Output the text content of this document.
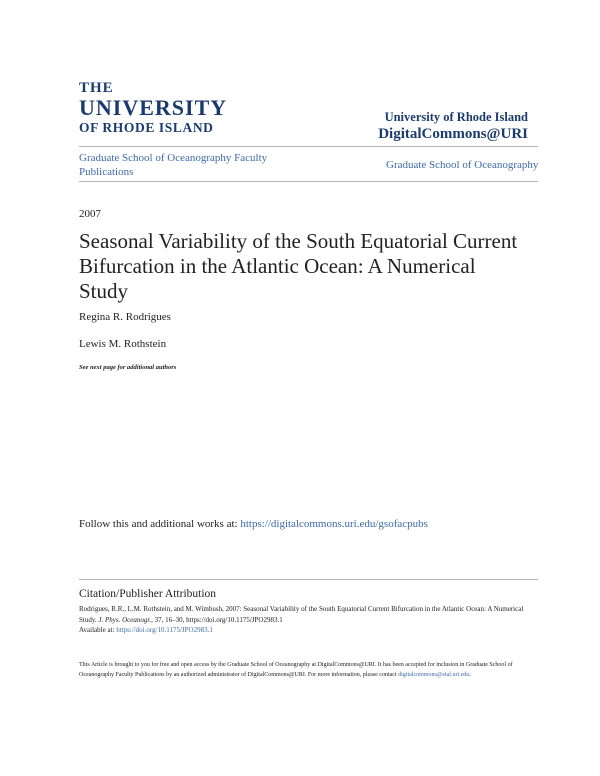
THE
UNIVERSITY
OF RHODE ISLAND
University of Rhode Island
DigitalCommons@URI
Graduate School of Oceanography Faculty Publications
Graduate School of Oceanography
2007
Seasonal Variability of the South Equatorial Current Bifurcation in the Atlantic Ocean: A Numerical Study
Regina R. Rodrigues
Lewis M. Rothstein
See next page for additional authors
Follow this and additional works at: https://digitalcommons.uri.edu/gsofacpubs
Citation/Publisher Attribution
Rodrigues, R.R., L.M. Rothstein, and M. Wimbush, 2007: Seasonal Variability of the South Equatorial Current Bifurcation in the Atlantic Ocean: A Numerical Study. J. Phys. Oceanogr., 37, 16–30, https://doi.org/10.1175/JPO2983.1
Available at: https://doi.org/10.1175/JPO2983.1
This Article is brought to you for free and open access by the Graduate School of Oceanography at DigitalCommons@URI. It has been accepted for inclusion in Graduate School of Oceanography Faculty Publications by an authorized administrator of DigitalCommons@URI. For more information, please contact digitalcommons@etal.uri.edu.
